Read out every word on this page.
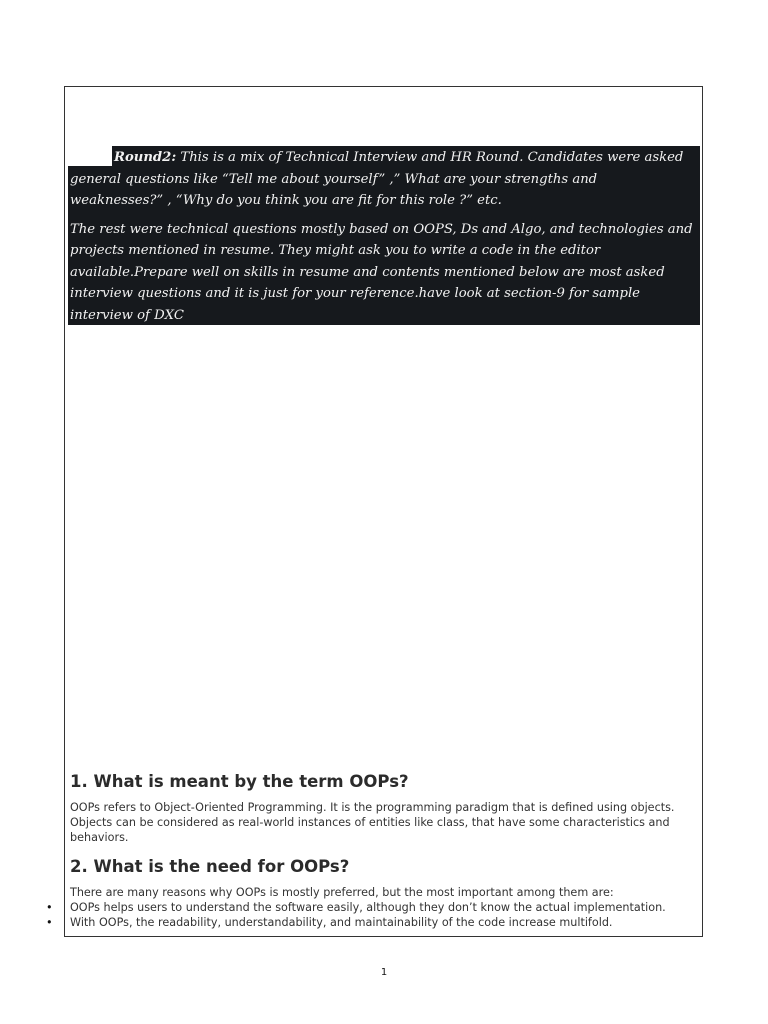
Round2: This is a mix of Technical Interview and HR Round. Candidates were asked general questions like “Tell me about yourself” ,” What are your strengths and weaknesses?” , “Why do you think you are fit for this role ?” etc.

The rest were technical questions mostly based on OOPS, Ds and Algo, and technologies and projects mentioned in resume. They might ask you to write a code in the editor available.Prepare well on skills in resume and contents mentioned below are most asked interview questions and it is just for your reference.have look at section-9 for sample interview of DXC

1. What is meant by the term OOPs?

OOPs refers to Object-Oriented Programming. It is the programming paradigm that is defined using objects. Objects can be considered as real-world instances of entities like class, that have some characteristics and behaviors.

2. What is the need for OOPs?

There are many reasons why OOPs is mostly preferred, but the most important among them are:

• OOPs helps users to understand the software easily, although they don’t know the actual implementation.
• With OOPs, the readability, understandability, and maintainability of the code increase multifold.
1
